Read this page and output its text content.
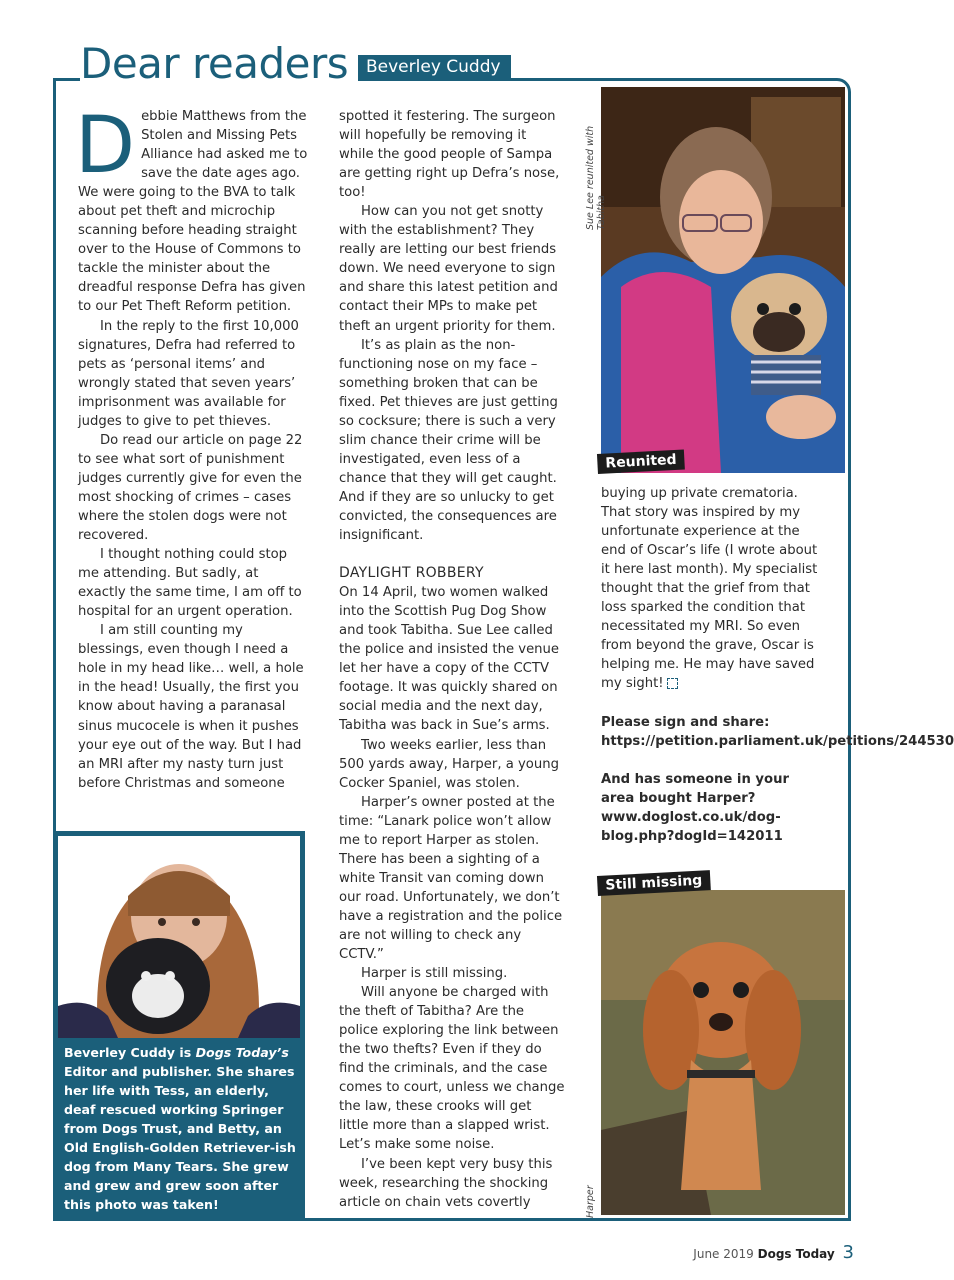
Dear readers	Beverley Cuddy

Debbie Matthews from the Stolen and Missing Pets Alliance had asked me to save the date ages ago. We were going to the BVA to talk about pet theft and microchip scanning before heading straight over to the House of Commons to tackle the minister about the dreadful response Defra has given to our Pet Theft Reform petition.

In the reply to the first 10,000 signatures, Defra had referred to pets as ‘personal items’ and wrongly stated that seven years’ imprisonment was available for judges to give to pet thieves.

Do read our article on page 22 to see what sort of punishment judges currently give for even the most shocking of crimes – cases where the stolen dogs were not recovered.

I thought nothing could stop me attending. But sadly, at exactly the same time, I am off to hospital for an urgent operation.

I am still counting my blessings, even though I need a hole in my head like… well, a hole in the head! Usually, the first you know about having a paranasal sinus mucocele is when it pushes your eye out of the way. But I had an MRI after my nasty turn just before Christmas and someone

spotted it festering. The surgeon will hopefully be removing it while the good people of Sampa are getting right up Defra’s nose, too!

How can you not get snotty with the establishment? They really are letting our best friends down. We need everyone to sign and share this latest petition and contact their MPs to make pet theft an urgent priority for them.

It’s as plain as the non-functioning nose on my face – something broken that can be fixed. Pet thieves are just getting so cocksure; there is such a very slim chance their crime will be investigated, even less of a chance that they will get caught. And if they are so unlucky to get convicted, the consequences are insignificant.

DAYLIGHT ROBBERY

On 14 April, two women walked into the Scottish Pug Dog Show and took Tabitha. Sue Lee called the police and insisted the venue let her have a copy of the CCTV footage. It was quickly shared on social media and the next day, Tabitha was back in Sue’s arms.

Two weeks earlier, less than 500 yards away, Harper, a young Cocker Spaniel, was stolen.

Harper’s owner posted at the time: “Lanark police won’t allow me to report Harper as stolen. There has been a sighting of a white Transit van coming down our road. Unfortunately, we don’t have a registration and the police are not willing to check any CCTV.”

Harper is still missing.

Will anyone be charged with the theft of Tabitha? Are the police exploring the link between the two thefts? Even if they do find the criminals, and the case comes to court, unless we change the law, these crooks will get little more than a slapped wrist. Let’s make some noise.

I’ve been kept very busy this week, researching the shocking article on chain vets covertly

Reunited
Sue Lee reunited with Tabitha

buying up private crematoria. That story was inspired by my unfortunate experience at the end of Oscar’s life (I wrote about it here last month). My specialist thought that the grief from that loss sparked the condition that necessitated my MRI. So even from beyond the grave, Oscar is helping me. He may have saved my sight!

Please sign and share: https://petition.parliament.uk/petitions/244530

And has someone in your area bought Harper? www.doglost.co.uk/dog-blog.php?dogId=142011

Still missing
Harper
Beverley Cuddy is Dogs Today’s Editor and publisher. She shares her life with Tess, an elderly, deaf rescued working Springer from Dogs Trust, and Betty, an Old English-Golden Retriever-ish dog from Many Tears. She grew and grew and grew soon after this photo was taken!
June 2019 Dogs Today 3
